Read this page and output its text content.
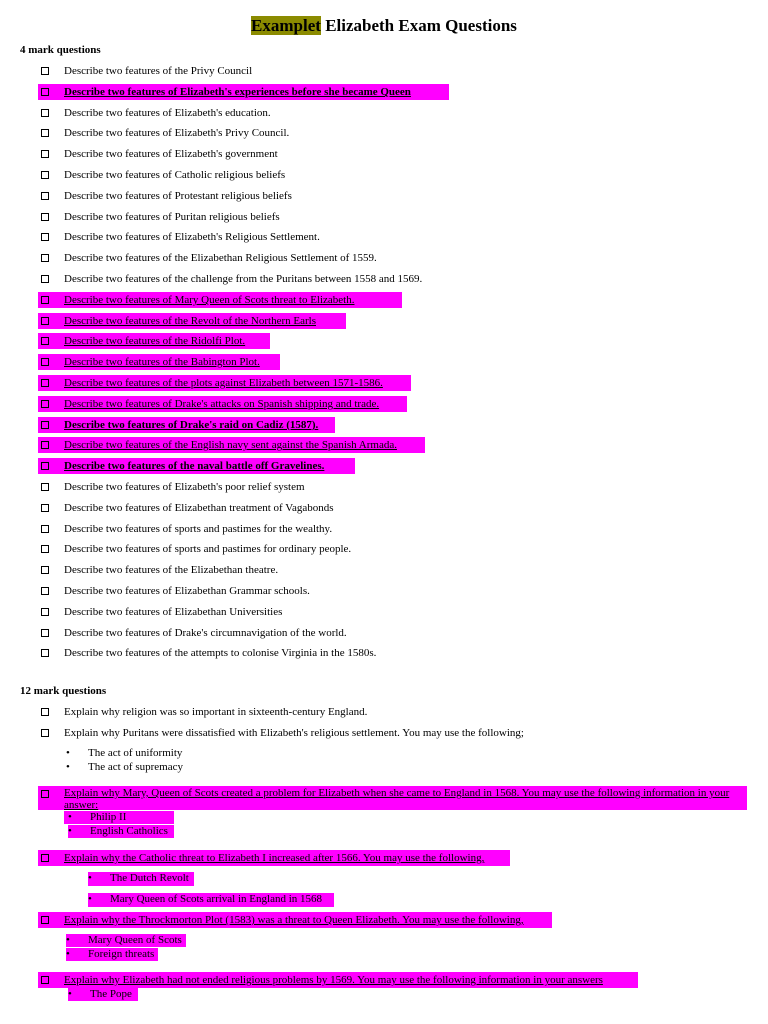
Examplet Elizabeth Exam Questions
4 mark questions
Describe two features of the Privy Council
Describe two features of Elizabeth's experiences before she became Queen
Describe two features of Elizabeth's education.
Describe two features of Elizabeth's Privy Council.
Describe two features of Elizabeth's government
Describe two features of Catholic religious beliefs
Describe two features of Protestant religious beliefs
Describe two features of Puritan religious beliefs
Describe two features of Elizabeth's Religious Settlement.
Describe two features of the Elizabethan Religious Settlement of 1559.
Describe two features of the challenge from the Puritans between 1558 and 1569.
Describe two features of Mary Queen of Scots threat to Elizabeth.
Describe two features of the Revolt of the Northern Earls
Describe two features of the Ridolfi Plot.
Describe two features of the Babington Plot.
Describe two features of the plots against Elizabeth between 1571-1586.
Describe two features of Drake's attacks on Spanish shipping and trade.
Describe two features of Drake's raid on Cadiz (1587).
Describe two features of the English navy sent against the Spanish Armada.
Describe two features of the naval battle off Gravelines.
Describe two features of Elizabeth's poor relief system
Describe two features of Elizabethan treatment of Vagabonds
Describe two features of sports and pastimes for the wealthy.
Describe two features of sports and pastimes for ordinary people.
Describe two features of the Elizabethan theatre.
Describe two features of Elizabethan Grammar schools.
Describe two features of Elizabethan Universities
Describe two features of Drake's circumnavigation of the world.
Describe two features of the attempts to colonise Virginia in the 1580s.
12 mark questions
Explain why religion was so important in sixteenth-century England.
Explain why Puritans were dissatisfied with Elizabeth's religious settlement. You may use the following;
• The act of uniformity
• The act of supremacy
Explain why Mary, Queen of Scots created a problem for Elizabeth when she came to England in 1568. You may use the following information in your answer:
• Philip II
• English Catholics
Explain why the Catholic threat to Elizabeth I increased after 1566. You may use the following,
• The Dutch Revolt
• Mary Queen of Scots arrival in England in 1568
Explain why the Throckmorton Plot (1583) was a threat to Queen Elizabeth. You may use the following,
• Mary Queen of Scots
• Foreign threats
Explain why Elizabeth had not ended religious problems by 1569. You may use the following information in your answers
• The Pope
